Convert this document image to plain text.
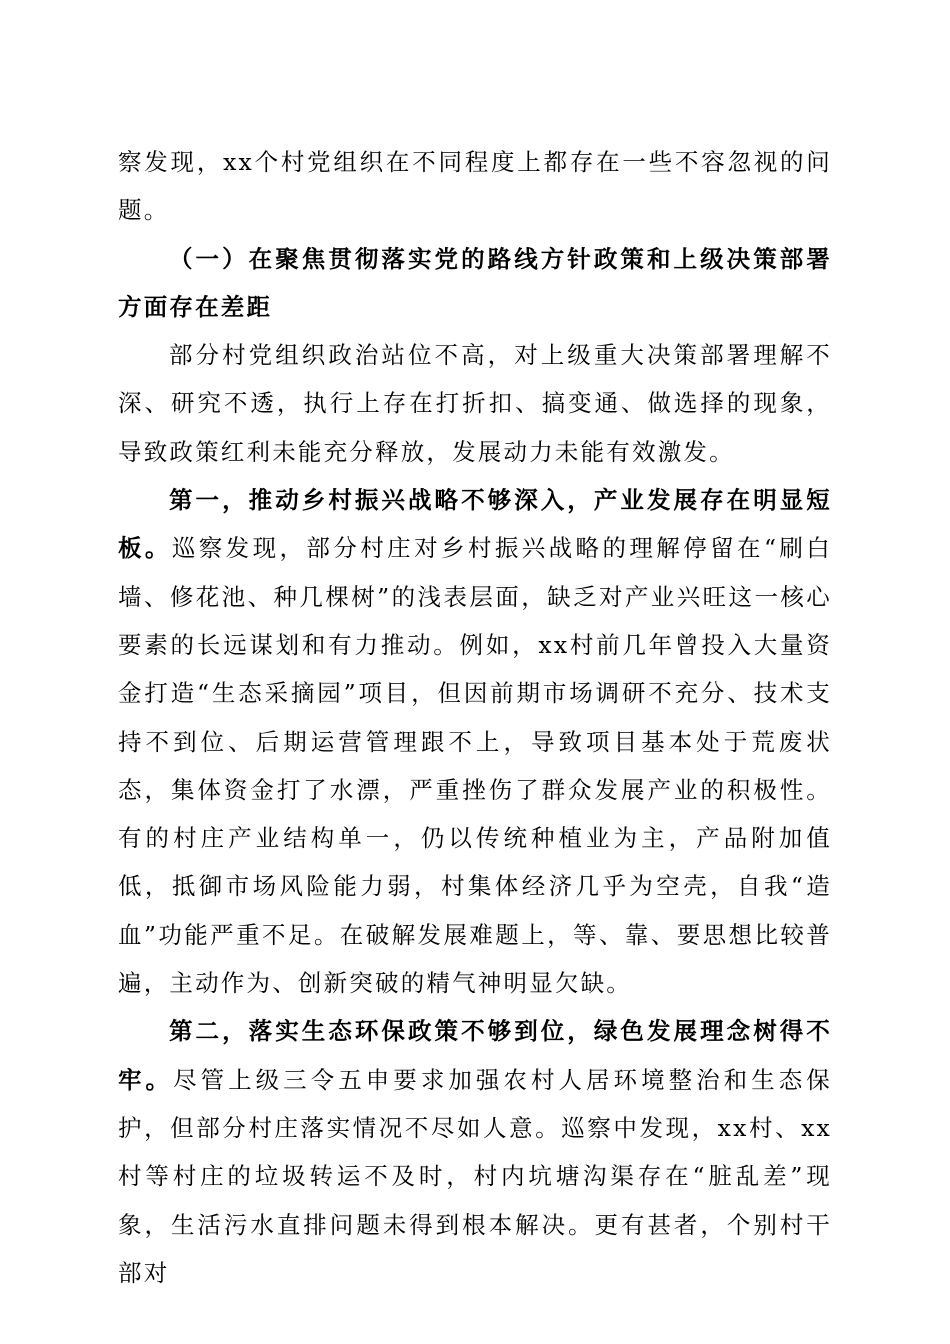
察发现，xx个村党组织在不同程度上都存在一些不容忽视的问题。

（一）在聚焦贯彻落实党的路线方针政策和上级决策部署方面存在差距

部分村党组织政治站位不高，对上级重大决策部署理解不深、研究不透，执行上存在打折扣、搞变通、做选择的现象，导致政策红利未能充分释放，发展动力未能有效激发。

第一，推动乡村振兴战略不够深入，产业发展存在明显短板。巡察发现，部分村庄对乡村振兴战略的理解停留在“刷白墙、修花池、种几棵树”的浅表层面，缺乏对产业兴旺这一核心要素的长远谋划和有力推动。例如，xx村前几年曾投入大量资金打造“生态采摘园”项目，但因前期市场调研不充分、技术支持不到位、后期运营管理跟不上，导致项目基本处于荒废状态，集体资金打了水漂，严重挫伤了群众发展产业的积极性。有的村庄产业结构单一，仍以传统种植业为主，产品附加值低，抵御市场风险能力弱，村集体经济几乎为空壳，自我“造血”功能严重不足。在破解发展难题上，等、靠、要思想比较普遍，主动作为、创新突破的精气神明显欠缺。

第二，落实生态环保政策不够到位，绿色发展理念树得不牢。尽管上级三令五申要求加强农村人居环境整治和生态保护，但部分村庄落实情况不尽如人意。巡察中发现，xx村、xx村等村庄的垃圾转运不及时，村内坑塘沟渠存在“脏乱差”现象，生活污水直排问题未得到根本解决。更有甚者，个别村干部对
